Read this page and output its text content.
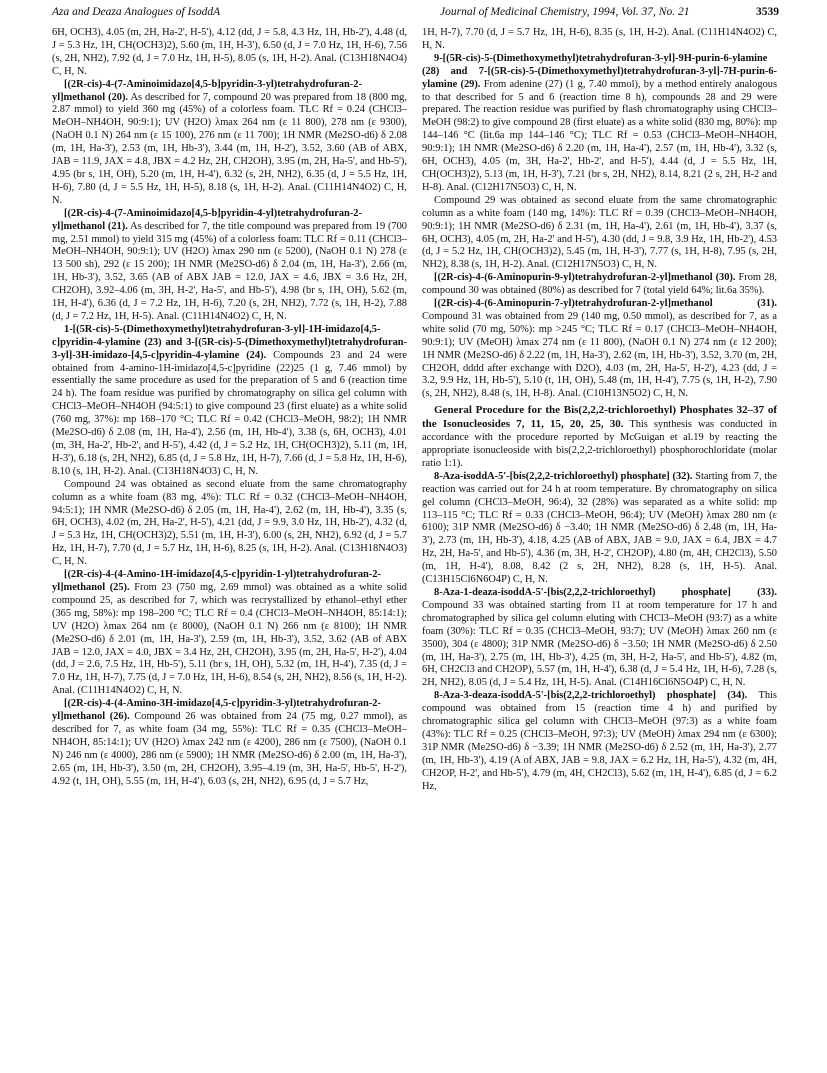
Aza and Deaza Analogues of IsoddA	Journal of Medicinal Chemistry, 1994, Vol. 37, No. 21	3539

6H, OCH3), 4.05 (m, 2H, Ha-2', H-5'), 4.12 (dd, J = 5.8, 4.3 Hz, 1H, Hb-2'), 4.48 (d, J = 5.3 Hz, 1H, CH(OCH3)2), 5.60 (m, 1H, H-3'), 6.50 (d, J = 7.0 Hz, 1H, H-6), 7.56 (s, 2H, NH2), 7.92 (d, J = 7.0 Hz, 1H, H-5), 8.05 (s, 1H, H-2). Anal. (C13H18N4O4) C, H, N.

[(2R-cis)-4-(7-Aminoimidazo[4,5-b]pyridin-3-yl)tetrahydrofuran-2-yl]methanol (20). As described for 7, compound 20 was prepared from 18 (800 mg, 2.87 mmol) to yield 360 mg (45%) of a colorless foam. TLC Rf = 0.24 (CHCl3–MeOH–NH4OH, 90:9:1); UV (H2O) λmax 264 nm (ε 11 800), 278 nm (ε 9300), (NaOH 0.1 N) 264 nm (ε 15 100), 276 nm (ε 11 700); 1H NMR (Me2SO-d6) δ 2.08 (m, 1H, Ha-3'), 2.53 (m, 1H, Hb-3'), 3.44 (m, 1H, H-2'), 3.52, 3.60 (AB of ABX, JAB = 11.9, JAX = 4.8, JBX = 4.2 Hz, 2H, CH2OH), 3.95 (m, 2H, Ha-5', and Hb-5'), 4.95 (br s, 1H, OH), 5.20 (m, 1H, H-4'), 6.32 (s, 2H, NH2), 6.35 (d, J = 5.5 Hz, 1H, H-6), 7.80 (d, J = 5.5 Hz, 1H, H-5), 8.18 (s, 1H, H-2). Anal. (C11H14N4O2) C, H, N.

[(2R-cis)-4-(7-Aminoimidazo[4,5-b]pyridin-4-yl)tetrahydrofuran-2-yl]methanol (21). As described for 7, the title compound was prepared from 19 (700 mg, 2.51 mmol) to yield 315 mg (45%) of a colorless foam: TLC Rf = 0.11 (CHCl3–MeOH–NH4OH, 90:9:1); UV (H2O) λmax 290 nm (ε 5200), (NaOH 0.1 N) 278 (ε 13 500 sh), 292 (ε 15 200); 1H NMR (Me2SO-d6) δ 2.04 (m, 1H, Ha-3'), 2.66 (m, 1H, Hb-3'), 3.52, 3.65 (AB of ABX JAB = 12.0, JAX = 4.6, JBX = 3.6 Hz, 2H, CH2OH), 3.92–4.06 (m, 3H, H-2', Ha-5', and Hb-5'), 4.98 (br s, 1H, OH), 5.62 (m, 1H, H-4'), 6.36 (d, J = 7.2 Hz, 1H, H-6), 7.20 (s, 2H, NH2), 7.72 (s, 1H, H-2), 7.88 (d, J = 7.2 Hz, 1H, H-5). Anal. (C11H14N4O2) C, H, N.

1-[(5R-cis)-5-(Dimethoxymethyl)tetrahydrofuran-3-yl]-1H-imidazo[4,5-c]pyridin-4-ylamine (23) and 3-[(5R-cis)-5-(Dimethoxymethyl)tetrahydrofuran-3-yl]-3H-imidazo-[4,5-c]pyridin-4-ylamine (24). Compounds 23 and 24 were obtained from 4-amino-1H-imidazo[4,5-c]pyridine (22)25 (1 g, 7.46 mmol) by essentially the same procedure as used for the preparation of 5 and 6 (reaction time 24 h). The foam residue was purified by chromatography on silica gel column with CHCl3–MeOH–NH4OH (94:5:1) to give compound 23 (first eluate) as a white solid (760 mg, 37%): mp 168–170 °C; TLC Rf = 0.42 (CHCl3–MeOH, 98:2); 1H NMR (Me2SO-d6) δ 2.08 (m, 1H, Ha-4'), 2.56 (m, 1H, Hb-4'), 3.38 (s, 6H, OCH3), 4.01 (m, 3H, Ha-2', Hb-2', and H-5'), 4.42 (d, J = 5.2 Hz, 1H, CH(OCH3)2), 5.11 (m, 1H, H-3'), 6.18 (s, 2H, NH2), 6.85 (d, J = 5.8 Hz, 1H, H-7), 7.66 (d, J = 5.8 Hz, 1H, H-6), 8.10 (s, 1H, H-2). Anal. (C13H18N4O3) C, H, N.

Compound 24 was obtained as second eluate from the same chromatography column as a white foam (83 mg, 4%): TLC Rf = 0.32 (CHCl3–MeOH–NH4OH, 94:5:1); 1H NMR (Me2SO-d6) δ 2.05 (m, 1H, Ha-4'), 2.62 (m, 1H, Hb-4'), 3.35 (s, 6H, OCH3), 4.02 (m, 2H, Ha-2', H-5'), 4.21 (dd, J = 9.9, 3.0 Hz, 1H, Hb-2'), 4.32 (d, J = 5.3 Hz, 1H, CH(OCH3)2), 5.51 (m, 1H, H-3'), 6.00 (s, 2H, NH2), 6.92 (d, J = 5.7 Hz, 1H, H-7), 7.70 (d, J = 5.7 Hz, 1H, H-6), 8.25 (s, 1H, H-2). Anal. (C13H18N4O3) C, H, N.

[(2R-cis)-4-(4-Amino-1H-imidazo[4,5-c]pyridin-1-yl)tetrahydrofuran-2-yl]methanol (25). From 23 (750 mg, 2.69 mmol) was obtained as a white solid compound 25, as described for 7, which was recrystallized by ethanol–ethyl ether (365 mg, 58%): mp 198–200 °C; TLC Rf = 0.4 (CHCl3–MeOH–NH4OH, 85:14:1); UV (H2O) λmax 264 nm (ε 8000), (NaOH 0.1 N) 266 nm (ε 8100); 1H NMR (Me2SO-d6) δ 2.01 (m, 1H, Ha-3'), 2.59 (m, 1H, Hb-3'), 3.52, 3.62 (AB of ABX JAB = 12.0, JAX = 4.0, JBX = 3.4 Hz, 2H, CH2OH), 3.95 (m, 2H, Ha-5', H-2'), 4.04 (dd, J = 2.6, 7.5 Hz, 1H, Hb-5'), 5.11 (br s, 1H, OH), 5.32 (m, 1H, H-4'), 7.35 (d, J = 7.0 Hz, 1H, H-7), 7.75 (d, J = 7.0 Hz, 1H, H-6), 8.54 (s, 2H, NH2), 8.56 (s, 1H, H-2). Anal. (C11H14N4O2) C, H, N.

[(2R-cis)-4-(4-Amino-3H-imidazo[4,5-c]pyridin-3-yl)tetrahydrofuran-2-yl]methanol (26). Compound 26 was obtained from 24 (75 mg, 0.27 mmol), as described for 7, as white foam (34 mg, 55%): TLC Rf = 0.35 (CHCl3–MeOH–NH4OH, 85:14:1); UV (H2O) λmax 242 nm (ε 4200), 286 nm (ε 7500), (NaOH 0.1 N) 246 nm (ε 4000), 286 nm (ε 5900); 1H NMR (Me2SO-d6) δ 2.00 (m, 1H, Ha-3'), 2.65 (m, 1H, Hb-3'), 3.50 (m, 2H, CH2OH), 3.95–4.19 (m, 3H, Ha-5', Hb-5', H-2'), 4.92 (t, 1H, OH), 5.55 (m, 1H, H-4'), 6.03 (s, 2H, NH2), 6.95 (d, J = 5.7 Hz,

1H, H-7), 7.70 (d, J = 5.7 Hz, 1H, H-6), 8.35 (s, 1H, H-2). Anal. (C11H14N4O2) C, H, N.

9-[(5R-cis)-5-(Dimethoxymethyl)tetrahydrofuran-3-yl]-9H-purin-6-ylamine (28) and 7-[(5R-cis)-5-(Dimethoxymethyl)tetrahydrofuran-3-yl]-7H-purin-6-ylamine (29). From adenine (27) (1 g, 7.40 mmol), by a method entirely analogous to that described for 5 and 6 (reaction time 8 h), compounds 28 and 29 were prepared. The reaction residue was purified by flash chromatography using CHCl3–MeOH (98:2) to give compound 28 (first eluate) as a white solid (830 mg, 80%): mp 144–146 °C (lit.6a mp 144–146 °C); TLC Rf = 0.53 (CHCl3–MeOH–NH4OH, 90:9:1); 1H NMR (Me2SO-d6) δ 2.20 (m, 1H, Ha-4'), 2.57 (m, 1H, Hb-4'), 3.32 (s, 6H, OCH3), 4.05 (m, 3H, Ha-2', Hb-2', and H-5'), 4.44 (d, J = 5.5 Hz, 1H, CH(OCH3)2), 5.13 (m, 1H, H-3'), 7.21 (br s, 2H, NH2), 8.14, 8.21 (2 s, 2H, H-2 and H-8). Anal. (C12H17N5O3) C, H, N.

Compound 29 was obtained as second eluate from the same chromatographic column as a white foam (140 mg, 14%): TLC Rf = 0.39 (CHCl3–MeOH–NH4OH, 90:9:1); 1H NMR (Me2SO-d6) δ 2.31 (m, 1H, Ha-4'), 2.61 (m, 1H, Hb-4'), 3.37 (s, 6H, OCH3), 4.05 (m, 2H, Ha-2' and H-5'), 4.30 (dd, J = 9.8, 3.9 Hz, 1H, Hb-2'), 4.53 (d, J = 5.2 Hz, 1H, CH(OCH3)2), 5.45 (m, 1H, H-3'), 7.77 (s, 1H, H-8), 7.95 (s, 2H, NH2), 8.38 (s, 1H, H-2). Anal. (C12H17N5O3) C, H, N.

[(2R-cis)-4-(6-Aminopurin-9-yl)tetrahydrofuran-2-yl]methanol (30). From 28, compound 30 was obtained (80%) as described for 7 (total yield 64%; lit.6a 35%).

[(2R-cis)-4-(6-Aminopurin-7-yl)tetrahydrofuran-2-yl]methanol (31). Compound 31 was obtained from 29 (140 mg, 0.50 mmol), as described for 7, as a white solid (70 mg, 50%): mp >245 °C; TLC Rf = 0.17 (CHCl3–MeOH–NH4OH, 90:9:1); UV (MeOH) λmax 274 nm (ε 11 800), (NaOH 0.1 N) 274 nm (ε 12 200); 1H NMR (Me2SO-d6) δ 2.22 (m, 1H, Ha-3'), 2.62 (m, 1H, Hb-3'), 3.52, 3.70 (m, 2H, CH2OH, dddd after exchange with D2O), 4.03 (m, 2H, Ha-5', H-2'), 4.23 (dd, J = 3.2, 9.9 Hz, 1H, Hb-5'), 5.10 (t, 1H, OH), 5.48 (m, 1H, H-4'), 7.75 (s, 1H, H-2), 7.90 (s, 2H, NH2), 8.48 (s, 1H, H-8). Anal. (C10H13N5O2) C, H, N.

General Procedure for the Bis(2,2,2-trichloroethyl) Phosphates 32–37 of the Isonucleosides 7, 11, 15, 20, 25, 30. This synthesis was conducted in accordance with the procedure reported by McGuigan et al.19 by reacting the appropriate isonucleoside with bis(2,2,2-trichloroethyl) phosphorochloridate (molar ratio 1:1).

8-Aza-isoddA-5'-[bis(2,2,2-trichloroethyl) phosphate] (32). Starting from 7, the reaction was carried out for 24 h at room temperature. By chromatography on silica gel column (CHCl3–MeOH, 96:4), 32 (28%) was separated as a white solid: mp 113–115 °C; TLC Rf = 0.33 (CHCl3–MeOH, 96:4); UV (MeOH) λmax 280 nm (ε 6100); 31P NMR (Me2SO-d6) δ −3.40; 1H NMR (Me2SO-d6) δ 2.48 (m, 1H, Ha-3'), 2.73 (m, 1H, Hb-3'), 4.18, 4.25 (AB of ABX, JAB = 9.0, JAX = 6.4, JBX = 4.7 Hz, 2H, Ha-5', and Hb-5'), 4.36 (m, 3H, H-2', CH2OP), 4.80 (m, 4H, CH2Cl3), 5.50 (m, 1H, H-4'), 8.08, 8.42 (2 s, 2H, NH2), 8.28 (s, 1H, H-5). Anal. (C13H15Cl6N6O4P) C, H, N.

8-Aza-1-deaza-isoddA-5'-[bis(2,2,2-trichloroethyl) phosphate] (33). Compound 33 was obtained starting from 11 at room temperature for 17 h and chromatographed by silica gel column eluting with CHCl3–MeOH (93:7) as a white foam (30%): TLC Rf = 0.35 (CHCl3–MeOH, 93:7); UV (MeOH) λmax 260 nm (ε 3500), 304 (ε 4800); 31P NMR (Me2SO-d6) δ −3.50; 1H NMR (Me2SO-d6) δ 2.50 (m, 1H, Ha-3'), 2.75 (m, 1H, Hb-3'), 4.25 (m, 3H, H-2, Ha-5', and Hb-5'), 4.82 (m, 6H, CH2Cl3 and CH2OP), 5.57 (m, 1H, H-4'), 6.38 (d, J = 5.4 Hz, 1H, H-6), 7.28 (s, 2H, NH2), 8.05 (d, J = 5.4 Hz, 1H, H-5). Anal. (C14H16Cl6N5O4P) C, H, N.

8-Aza-3-deaza-isoddA-5'-[bis(2,2,2-trichloroethyl) phosphate] (34). This compound was obtained from 15 (reaction time 4 h) and purified by chromatographic silica gel column with CHCl3–MeOH (97:3) as a white foam (43%): TLC Rf = 0.25 (CHCl3–MeOH, 97:3); UV (MeOH) λmax 294 nm (ε 6300); 31P NMR (Me2SO-d6) δ −3.39; 1H NMR (Me2SO-d6) δ 2.52 (m, 1H, Ha-3'), 2.77 (m, 1H, Hb-3'), 4.19 (A of ABX, JAB = 9.8, JAX = 6.2 Hz, 1H, Ha-5'), 4.32 (m, 4H, CH2OP, H-2', and Hb-5'), 4.79 (m, 4H, CH2Cl3), 5.62 (m, 1H, H-4'), 6.85 (d, J = 6.2 Hz,
